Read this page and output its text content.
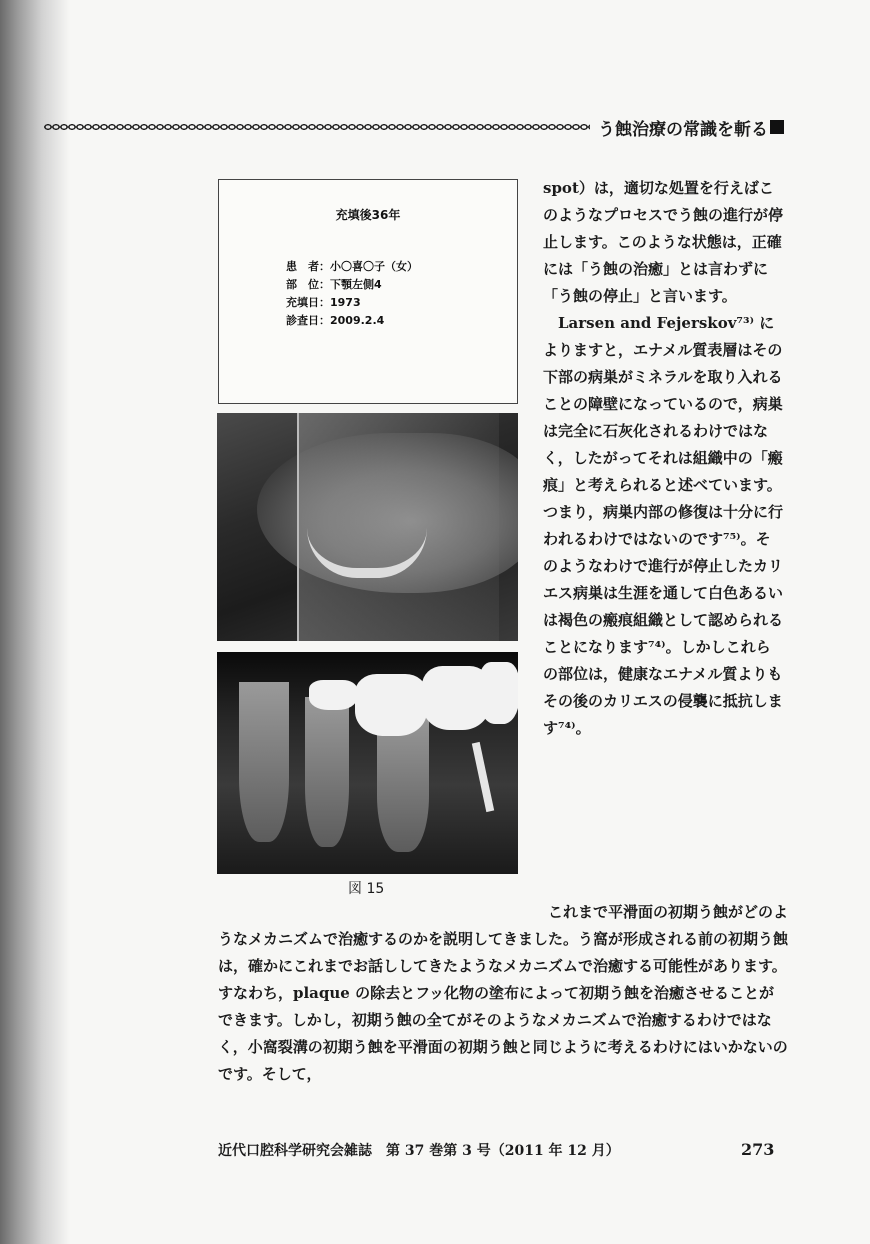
う蝕治療の常識を斬る
充填後36年
患　者：小〇喜〇子（女）
部　位：下顎左側4
充填日：1973
診査日：2009.2.4
図 15

spot）は，適切な処置を行えばこのようなプロセスでう蝕の進行が停止します。このような状態は，正確には「う蝕の治癒」とは言わずに「う蝕の停止」と言います。

Larsen and Fejerskov⁷³⁾ によりますと，エナメル質表層はその下部の病巣がミネラルを取り入れることの障壁になっているので，病巣は完全に石灰化されるわけではなく，したがってそれは組織中の「瘢痕」と考えられると述べています。つまり，病巣内部の修復は十分に行われるわけではないのです⁷⁵⁾。そのようなわけで進行が停止したカリエス病巣は生涯を通して白色あるいは褐色の瘢痕組織として認められることになります⁷⁴⁾。しかしこれらの部位は，健康なエナメル質よりもその後のカリエスの侵襲に抵抗します⁷⁴⁾。

これまで平滑面の初期う蝕がどのようなメカニズムで治癒するのかを説明してきました。う窩が形成される前の初期う蝕は，確かにこれまでお話ししてきたようなメカニズムで治癒する可能性があります。すなわち，plaque の除去とフッ化物の塗布によって初期う蝕を治癒させることができます。しかし，初期う蝕の全てがそのようなメカニズムで治癒するわけではなく，小窩裂溝の初期う蝕を平滑面の初期う蝕と同じように考えるわけにはいかないのです。そして，

近代口腔科学研究会雑誌　第 37 巻第 3 号（2011 年 12 月）	273
